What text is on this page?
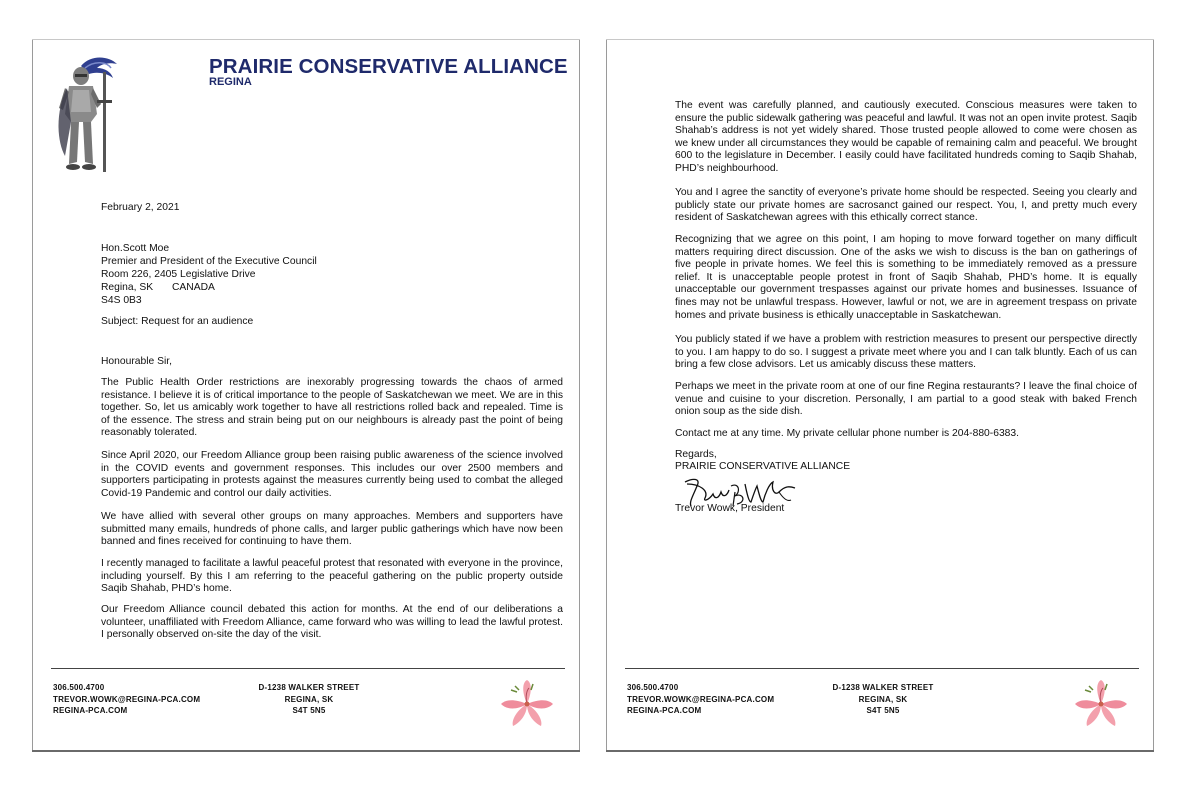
PRAIRIE CONSERVATIVE ALLIANCE
REGINA
February 2, 2021
Hon.Scott Moe
Premier and President of the Executive Council
Room 226, 2405 Legislative Drive
Regina, SK CANADA
S4S 0B3
Subject: Request for an audience
Honourable Sir,
The Public Health Order restrictions are inexorably progressing towards the chaos of armed resistance. I believe it is of critical importance to the people of Saskatchewan we meet. We are in this together. So, let us amicably work together to have all restrictions rolled back and repealed. Time is of the essence. The stress and strain being put on our neighbours is already past the point of being reasonably tolerated.
Since April 2020, our Freedom Alliance group been raising public awareness of the science involved in the COVID events and government responses. This includes our over 2500 members and supporters participating in protests against the measures currently being used to combat the alleged Covid-19 Pandemic and control our daily activities.
We have allied with several other groups on many approaches. Members and supporters have submitted many emails, hundreds of phone calls, and larger public gatherings which have now been banned and fines received for continuing to have them.
I recently managed to facilitate a lawful peaceful protest that resonated with everyone in the province, including yourself. By this I am referring to the peaceful gathering on the public property outside Saqib Shahab, PHD’s home.
Our Freedom Alliance council debated this action for months. At the end of our deliberations a volunteer, unaffiliated with Freedom Alliance, came forward who was willing to lead the lawful protest. I personally observed on-site the day of the visit.
306.500.4700
TREVOR.WOWK@REGINA-PCA.COM
REGINA-PCA.COM
D-1238 WALKER STREET
REGINA, SK
S4T 5N5
The event was carefully planned, and cautiously executed. Conscious measures were taken to ensure the public sidewalk gathering was peaceful and lawful. It was not an open invite protest. Saqib Shahab’s address is not yet widely shared. Those trusted people allowed to come were chosen as we knew under all circumstances they would be capable of remaining calm and peaceful. We brought 600 to the legislature in December. I easily could have facilitated hundreds coming to Saqib Shahab, PHD’s neighbourhood.
You and I agree the sanctity of everyone’s private home should be respected. Seeing you clearly and publicly state our private homes are sacrosanct gained our respect. You, I, and pretty much every resident of Saskatchewan agrees with this ethically correct stance.
Recognizing that we agree on this point, I am hoping to move forward together on many difficult matters requiring direct discussion. One of the asks we wish to discuss is the ban on gatherings of five people in private homes. We feel this is something to be immediately removed as a pressure relief. It is unacceptable people protest in front of Saqib Shahab, PHD’s home. It is equally unacceptable our government trespasses against our private homes and businesses. Issuance of fines may not be unlawful trespass. However, lawful or not, we are in agreement trespass on private homes and private business is ethically unacceptable in Saskatchewan.
You publicly stated if we have a problem with restriction measures to present our perspective directly to you. I am happy to do so. I suggest a private meet where you and I can talk bluntly. Each of us can bring a few close advisors. Let us amicably discuss these matters.
Perhaps we meet in the private room at one of our fine Regina restaurants? I leave the final choice of venue and cuisine to your discretion. Personally, I am partial to a good steak with baked French onion soup as the side dish.
Contact me at any time. My private cellular phone number is 204-880-6383.
Regards,
PRAIRIE CONSERVATIVE ALLIANCE
Trevor Wowk, President
306.500.4700
TREVOR.WOWK@REGINA-PCA.COM
REGINA-PCA.COM
D-1238 WALKER STREET
REGINA, SK
S4T 5N5
